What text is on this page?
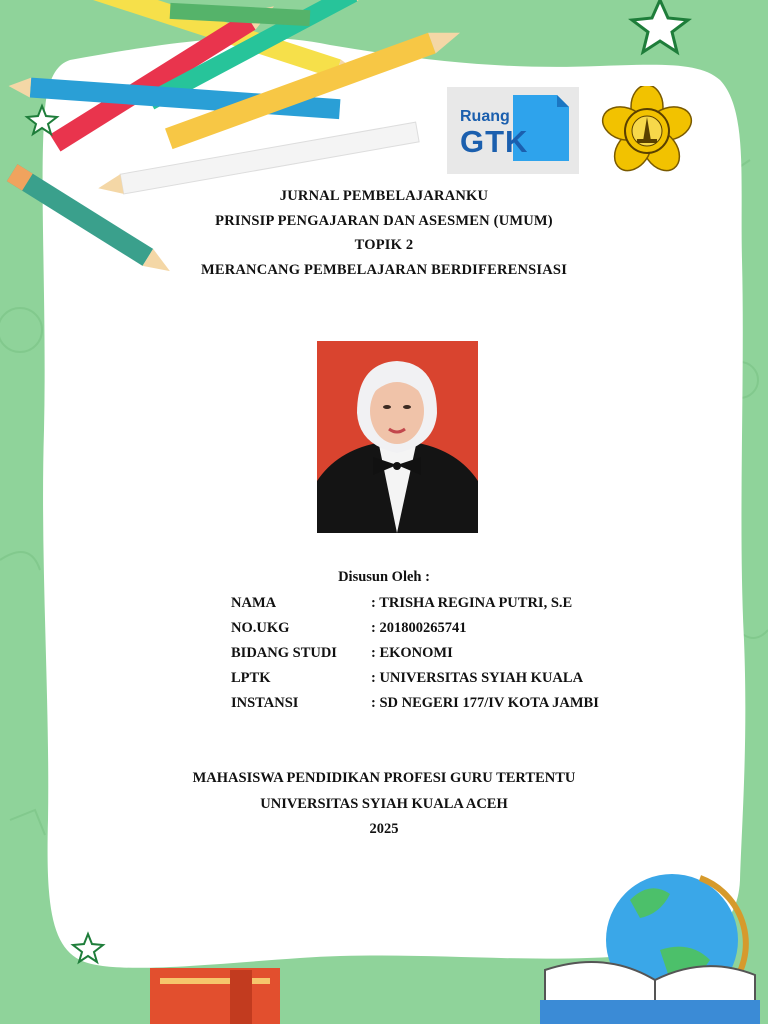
Ruang
GTK
JURNAL PEMBELAJARANKU
PRINSIP PENGAJARAN DAN ASESMEN (UMUM)
TOPIK 2
MERANCANG PEMBELAJARAN BERDIFERENSIASI
Disusun Oleh :
NAMA	: TRISHA REGINA PUTRI, S.E
NO.UKG	: 201800265741
BIDANG STUDI : EKONOMI
LPTK	: UNIVERSITAS SYIAH KUALA
INSTANSI	: SD NEGERI 177/IV KOTA JAMBI
MAHASISWA PENDIDIKAN PROFESI GURU TERTENTU
UNIVERSITAS SYIAH KUALA ACEH
2025
